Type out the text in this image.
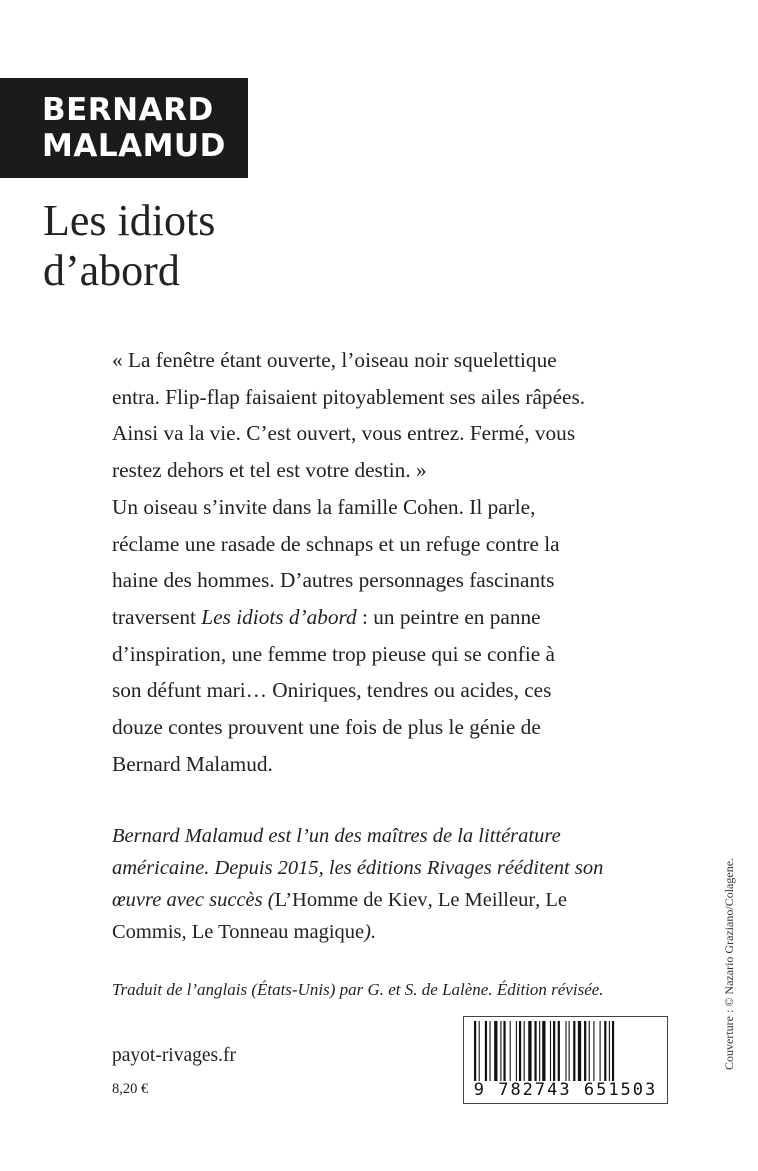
BERNARD
MALAMUD
Les idiots
d’abord
« La fenêtre étant ouverte, l’oiseau noir squelettique
entra. Flip-flap faisaient pitoyablement ses ailes râpées.
Ainsi va la vie. C’est ouvert, vous entrez. Fermé, vous
restez dehors et tel est votre destin. »
Un oiseau s’invite dans la famille Cohen. Il parle,
réclame une rasade de schnaps et un refuge contre la
haine des hommes. D’autres personnages fascinants
traversent Les idiots d’abord : un peintre en panne
d’inspiration, une femme trop pieuse qui se confie à
son défunt mari… Oniriques, tendres ou acides, ces
douze contes prouvent une fois de plus le génie de
Bernard Malamud.
Bernard Malamud est l’un des maîtres de la littérature
américaine. Depuis 2015, les éditions Rivages rééditent son
œuvre avec succès (L’Homme de Kiev, Le Meilleur, Le
Commis, Le Tonneau magique).
Traduit de l’anglais (États-Unis) par G. et S. de Lalène. Édition révisée.
payot-rivages.fr
8,20 €	9 782743 651503
Couverture : © Nazario Graziano/Colagene.
